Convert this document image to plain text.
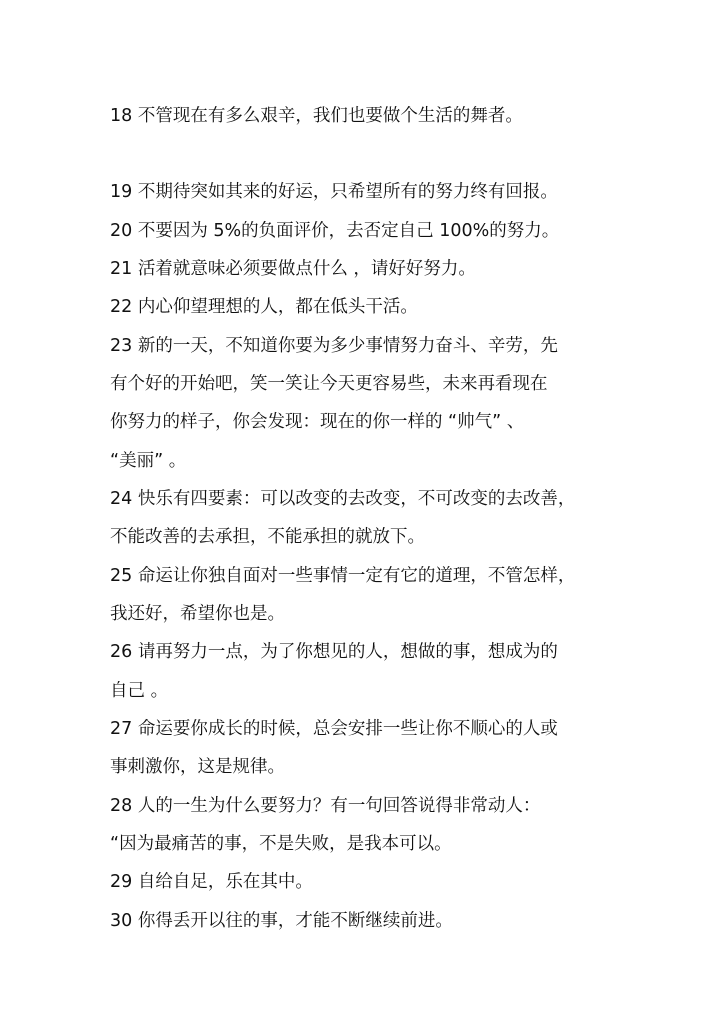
18 不管现在有多么艰辛，我们也要做个生活的舞者。
19 不期待突如其来的好运，只希望所有的努力终有回报。
20 不要因为 5%的负面评价，去否定自己 100%的努力。
21 活着就意味必须要做点什么 ，请好好努力。
22 内心仰望理想的人，都在低头干活。
23 新的一天，不知道你要为多少事情努力奋斗、辛劳，先
有个好的开始吧，笑一笑让今天更容易些，未来再看现在
你努力的样子，你会发现：现在的你一样的 “帅气” 、
“美丽” 。
24 快乐有四要素：可以改变的去改变，不可改变的去改善，
不能改善的去承担，不能承担的就放下。
25 命运让你独自面对一些事情一定有它的道理，不管怎样，
我还好，希望你也是。
26 请再努力一点，为了你想见的人，想做的事，想成为的
自己 。
27 命运要你成长的时候，总会安排一些让你不顺心的人或
事刺激你，这是规律。
28 人的一生为什么要努力？有一句回答说得非常动人：
“因为最痛苦的事，不是失败，是我本可以。
29 自给自足，乐在其中。
30 你得丢开以往的事，才能不断继续前进。
